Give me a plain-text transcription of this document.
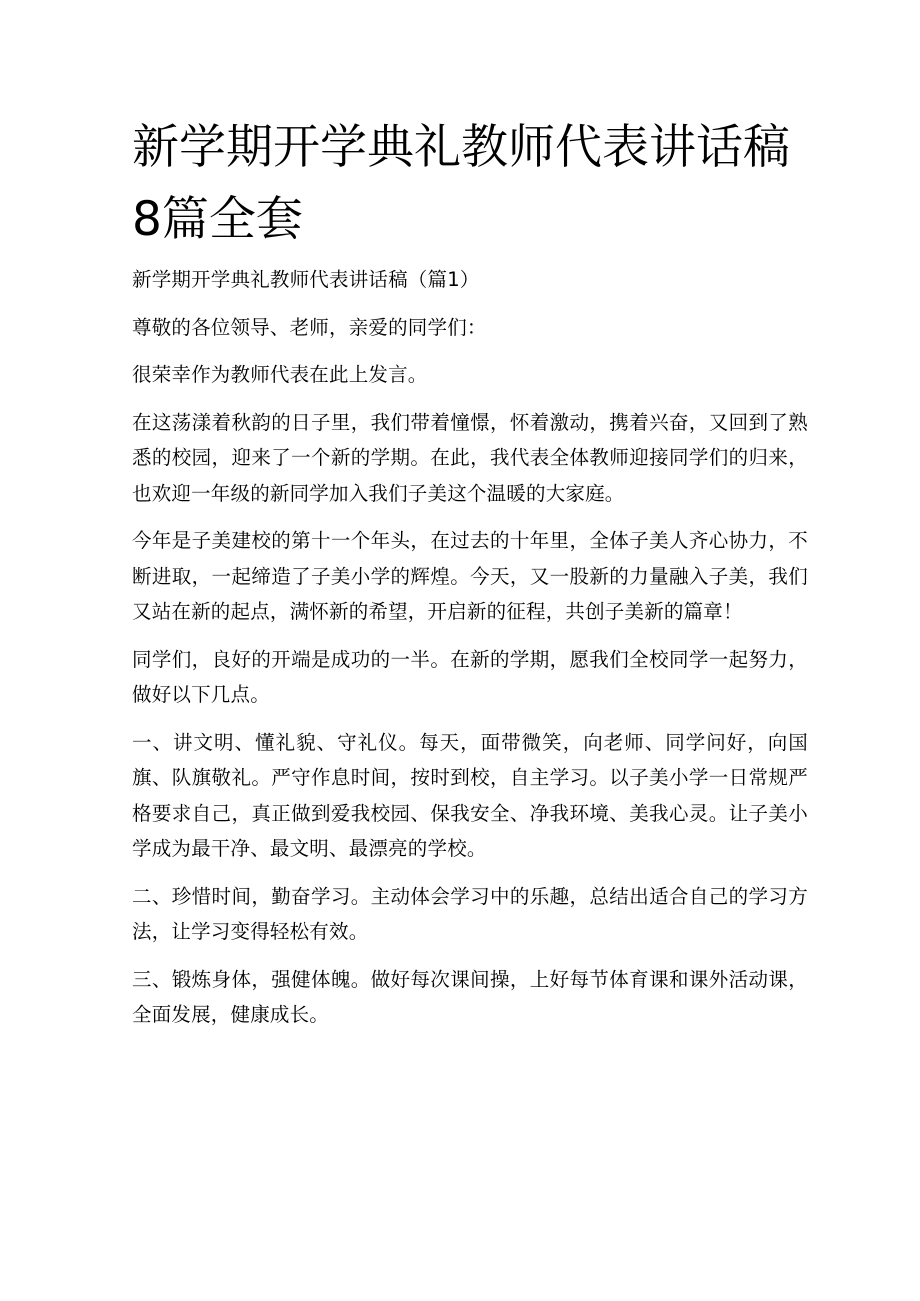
新学期开学典礼教师代表讲话稿8篇全套

新学期开学典礼教师代表讲话稿（篇1）

尊敬的各位领导、老师，亲爱的同学们：

很荣幸作为教师代表在此上发言。

在这荡漾着秋韵的日子里，我们带着憧憬，怀着激动，携着兴奋，又回到了熟悉的校园，迎来了一个新的学期。在此，我代表全体教师迎接同学们的归来，也欢迎一年级的新同学加入我们子美这个温暖的大家庭。

今年是子美建校的第十一个年头，在过去的十年里，全体子美人齐心协力，不断进取，一起缔造了子美小学的辉煌。今天，又一股新的力量融入子美，我们又站在新的起点，满怀新的希望，开启新的征程，共创子美新的篇章！

同学们，良好的开端是成功的一半。在新的学期，愿我们全校同学一起努力，做好以下几点。

一、讲文明、懂礼貌、守礼仪。每天，面带微笑，向老师、同学问好，向国旗、队旗敬礼。严守作息时间，按时到校，自主学习。以子美小学一日常规严格要求自己，真正做到爱我校园、保我安全、净我环境、美我心灵。让子美小学成为最干净、最文明、最漂亮的学校。

二、珍惜时间，勤奋学习。主动体会学习中的乐趣，总结出适合自己的学习方法，让学习变得轻松有效。

三、锻炼身体，强健体魄。做好每次课间操，上好每节体育课和课外活动课，全面发展，健康成长。
